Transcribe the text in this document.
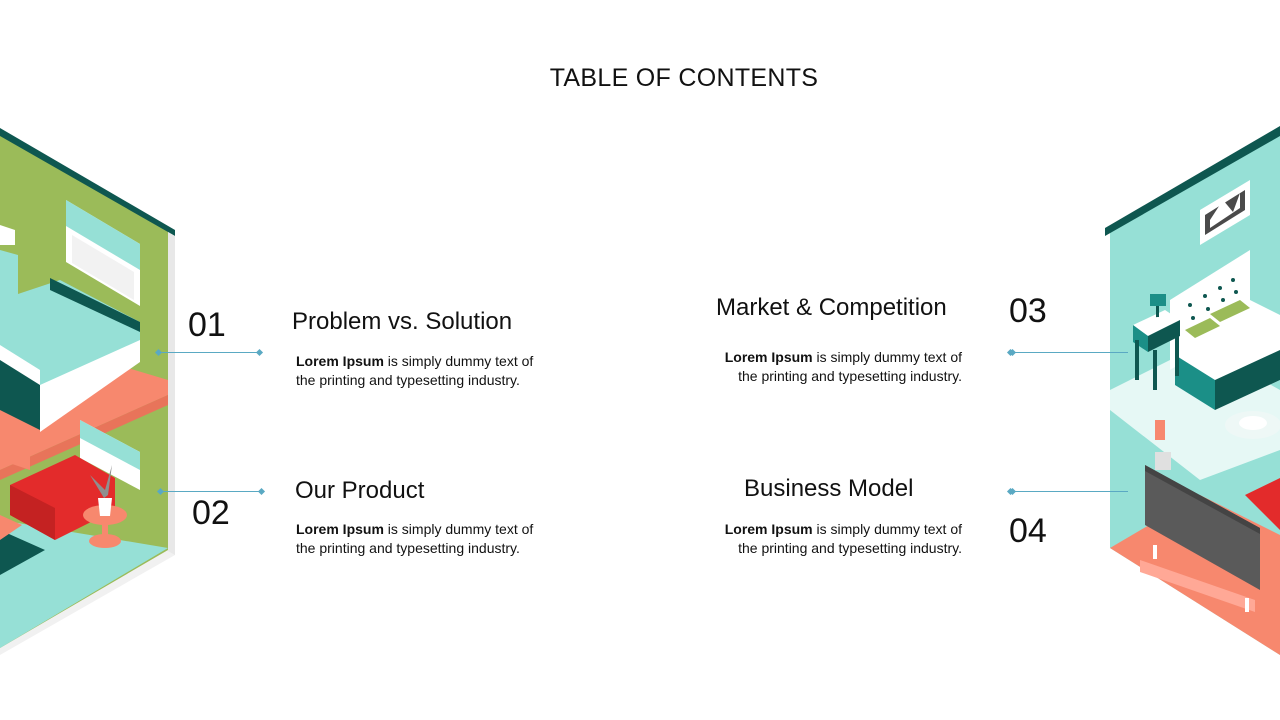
TABLE OF CONTENTS
01	Problem vs. Solution
Lorem Ipsum is simply dummy text of the printing and typesetting industry.
02
Our Product
Lorem Ipsum is simply dummy text of the printing and typesetting industry.
03
Market & Competition
Lorem Ipsum is simply dummy text of the printing and typesetting industry.
04
Business Model
Lorem Ipsum is simply dummy text of the printing and typesetting industry.
